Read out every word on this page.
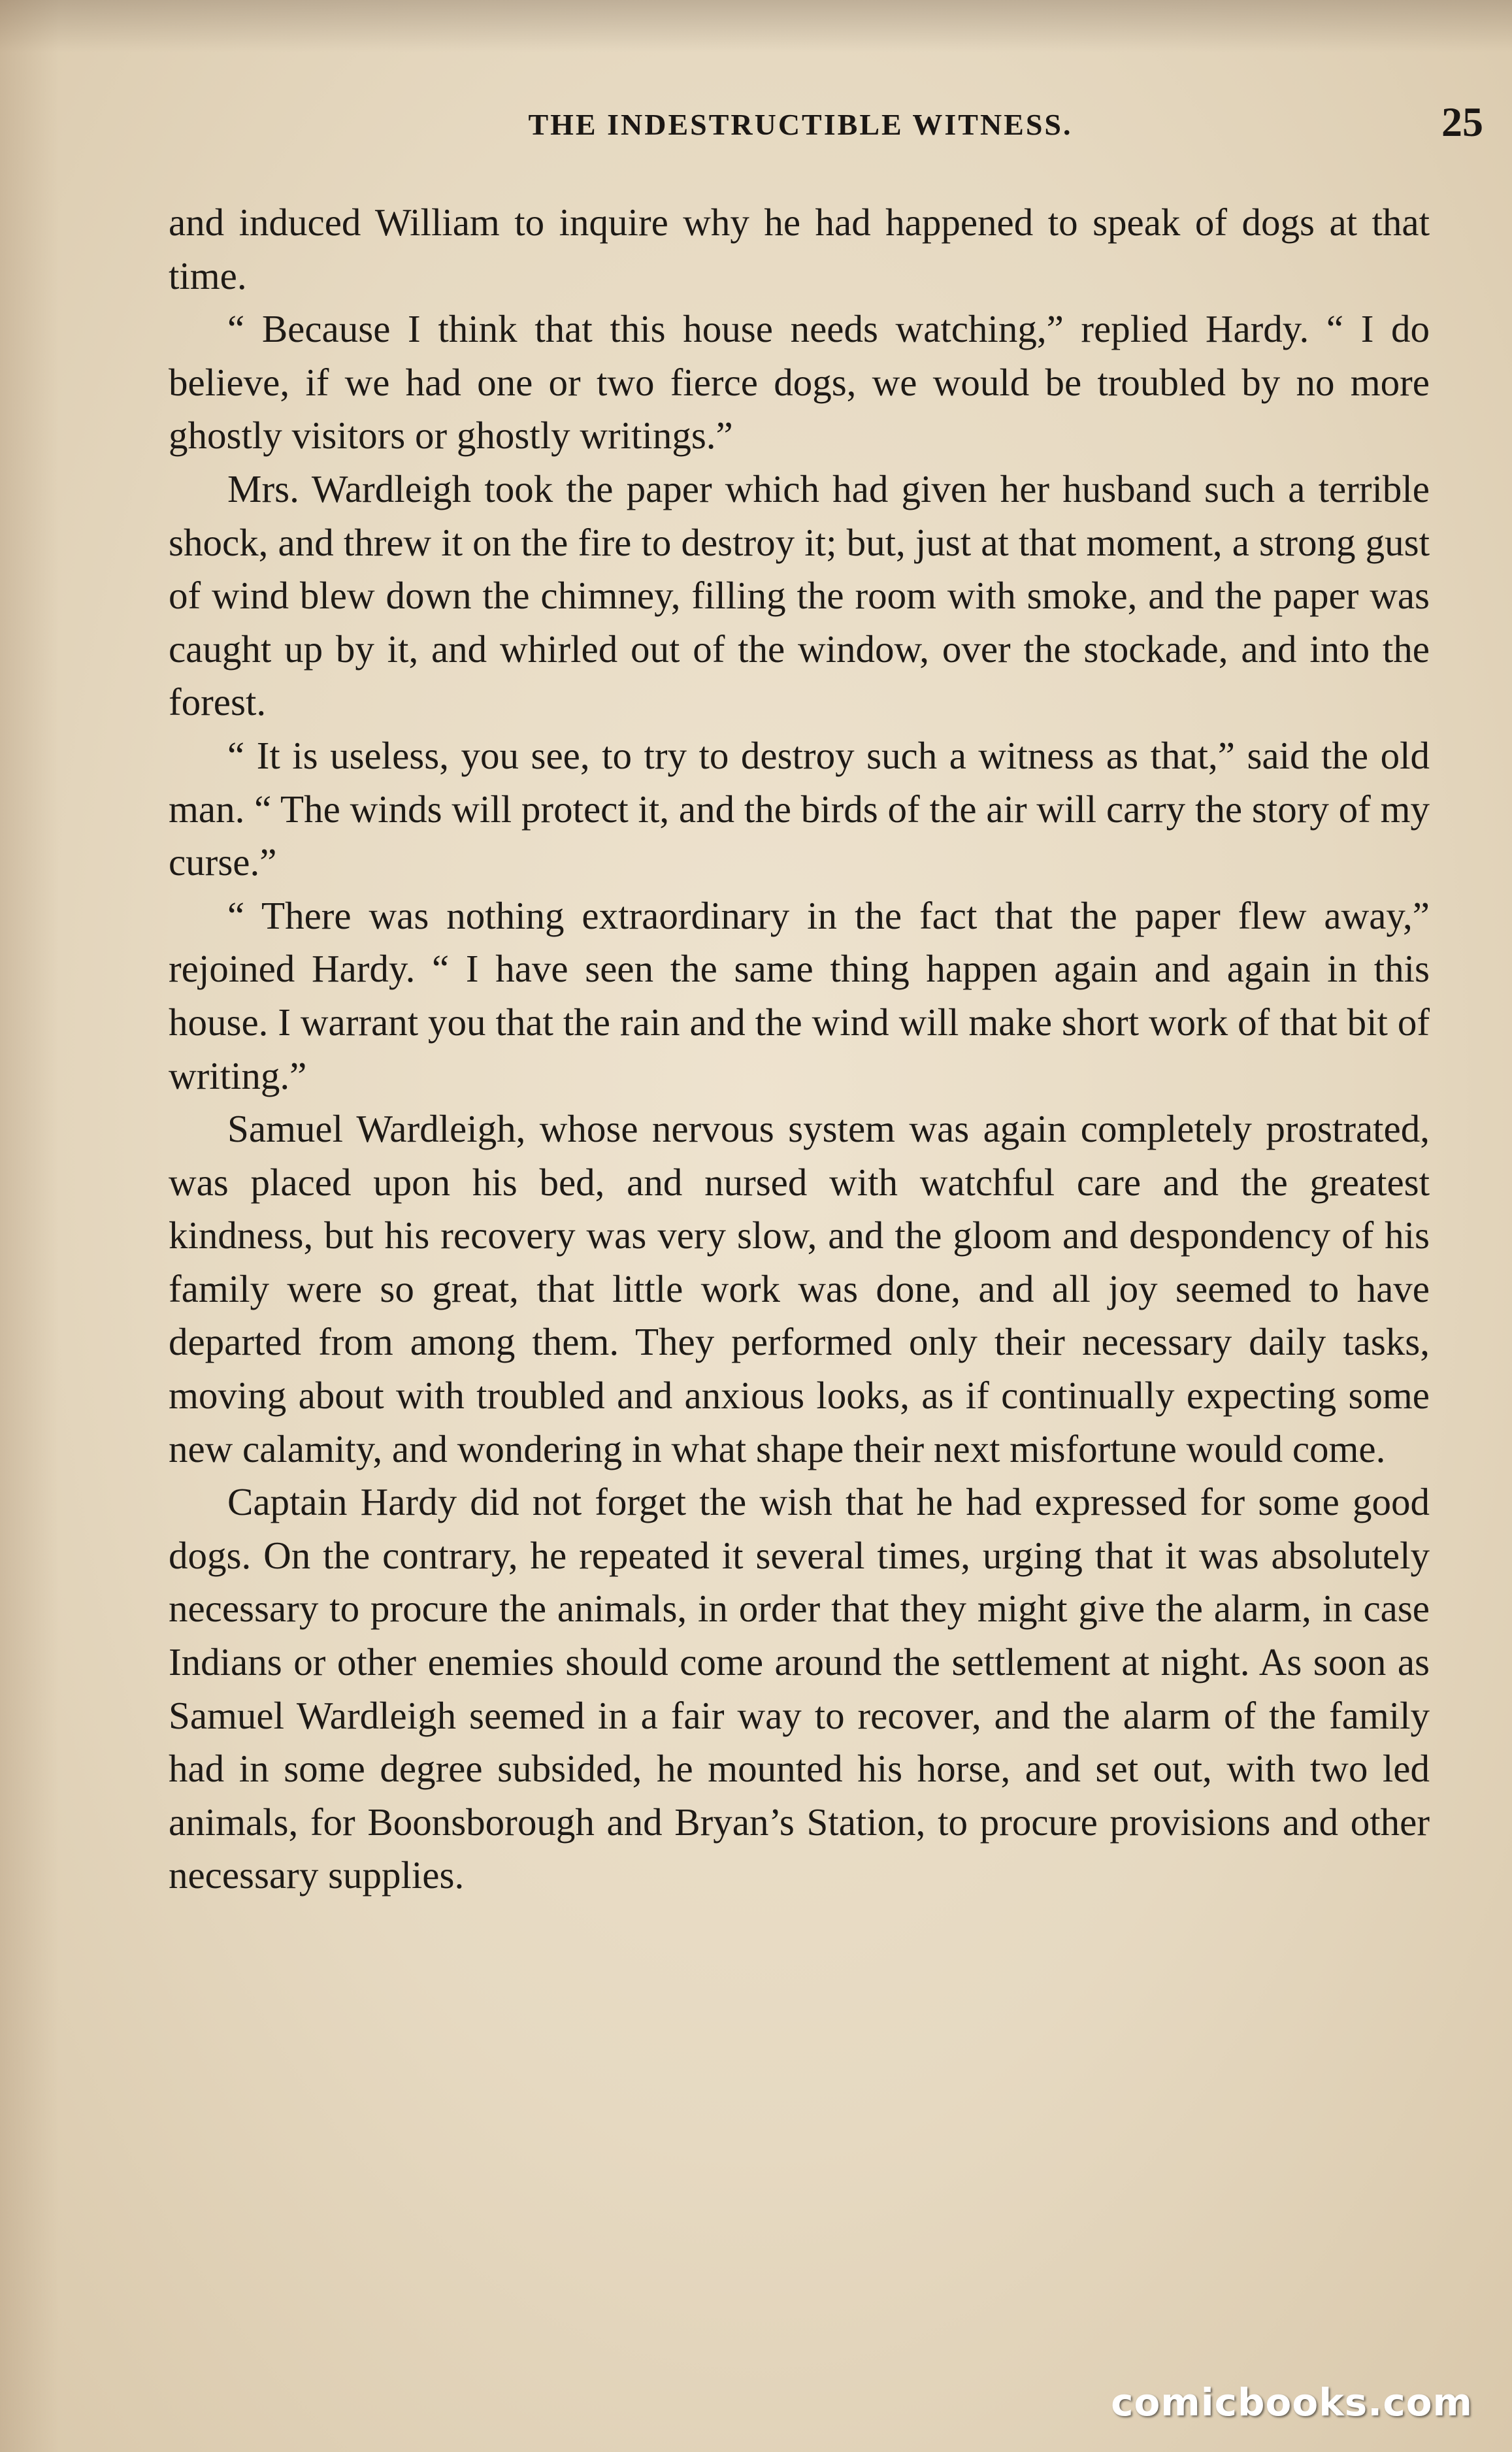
THE INDESTRUCTIBLE WITNESS.	25

and induced William to inquire why he had happened to speak of dogs at that time.

“ Because I think that this house needs watching,” replied Hardy. “ I do believe, if we had one or two fierce dogs, we would be troubled by no more ghostly visitors or ghostly writings.”

Mrs. Wardleigh took the paper which had given her husband such a terrible shock, and threw it on the fire to destroy it; but, just at that moment, a strong gust of wind blew down the chimney, filling the room with smoke, and the paper was caught up by it, and whirled out of the window, over the stockade, and into the forest.

“ It is useless, you see, to try to destroy such a witness as that,” said the old man. “ The winds will protect it, and the birds of the air will carry the story of my curse.”

“ There was nothing extraordinary in the fact that the paper flew away,” rejoined Hardy. “ I have seen the same thing happen again and again in this house. I warrant you that the rain and the wind will make short work of that bit of writing.”

Samuel Wardleigh, whose nervous system was again completely prostrated, was placed upon his bed, and nursed with watchful care and the greatest kindness, but his recovery was very slow, and the gloom and despondency of his family were so great, that little work was done, and all joy seemed to have departed from among them. They performed only their necessary daily tasks, moving about with troubled and anxious looks, as if continually expecting some new calamity, and wondering in what shape their next misfortune would come.

Captain Hardy did not forget the wish that he had expressed for some good dogs. On the contrary, he repeated it several times, urging that it was absolutely necessary to procure the animals, in order that they might give the alarm, in case Indians or other enemies should come around the settlement at night. As soon as Samuel Wardleigh seemed in a fair way to recover, and the alarm of the family had in some degree subsided, he mounted his horse, and set out, with two led animals, for Boonsborough and Bryan’s Station, to procure provisions and other necessary supplies.

comicbooks.com
